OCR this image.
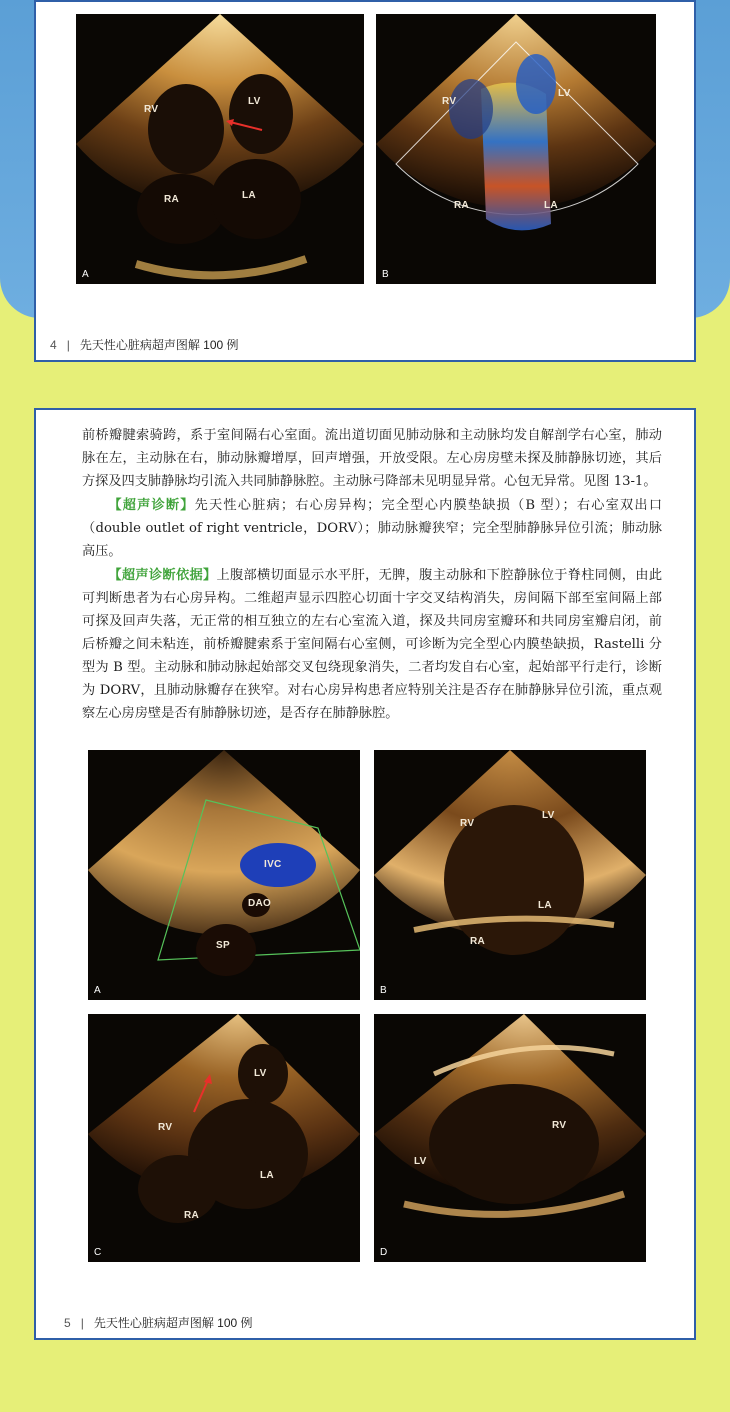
RV
LV
RA	LA
A
RV
LV
RA	LA
B
4 | 先天性心脏病超声图解 100 例

前桥瓣腱索骑跨，系于室间隔右心室面。流出道切面见肺动脉和主动脉均发自解剖学右心室，肺动脉在左，主动脉在右，肺动脉瓣增厚，回声增强，开放受限。左心房房壁未探及肺静脉切迹，其后方探及四支肺静脉均引流入共同肺静脉腔。主动脉弓降部未见明显异常。心包无异常。见图 13-1。

【超声诊断】先天性心脏病；右心房异构；完全型心内膜垫缺损（B 型）；右心室双出口（double outlet of right ventricle，DORV）；肺动脉瓣狭窄；完全型肺静脉异位引流；肺动脉高压。

【超声诊断依据】上腹部横切面显示水平肝，无脾，腹主动脉和下腔静脉位于脊柱同侧，由此可判断患者为右心房异构。二维超声显示四腔心切面十字交叉结构消失，房间隔下部至室间隔上部可探及回声失落，无正常的相互独立的左右心室流入道，探及共同房室瓣环和共同房室瓣启闭，前后桥瓣之间未粘连，前桥瓣腱索系于室间隔右心室侧，可诊断为完全型心内膜垫缺损，Rastelli 分型为 B 型。主动脉和肺动脉起始部交叉包绕现象消失，二者均发自右心室，起始部平行走行，诊断为 DORV，且肺动脉瓣存在狭窄。对右心房异构患者应特别关注是否存在肺静脉异位引流，重点观察左心房房壁是否有肺静脉切迹，是否存在肺静脉腔。

IVC
DAO
SP
A
RV
LV
LA
RA
B
LV
RV
LA
RA
C
RV
LV
D
5 | 先天性心脏病超声图解 100 例
